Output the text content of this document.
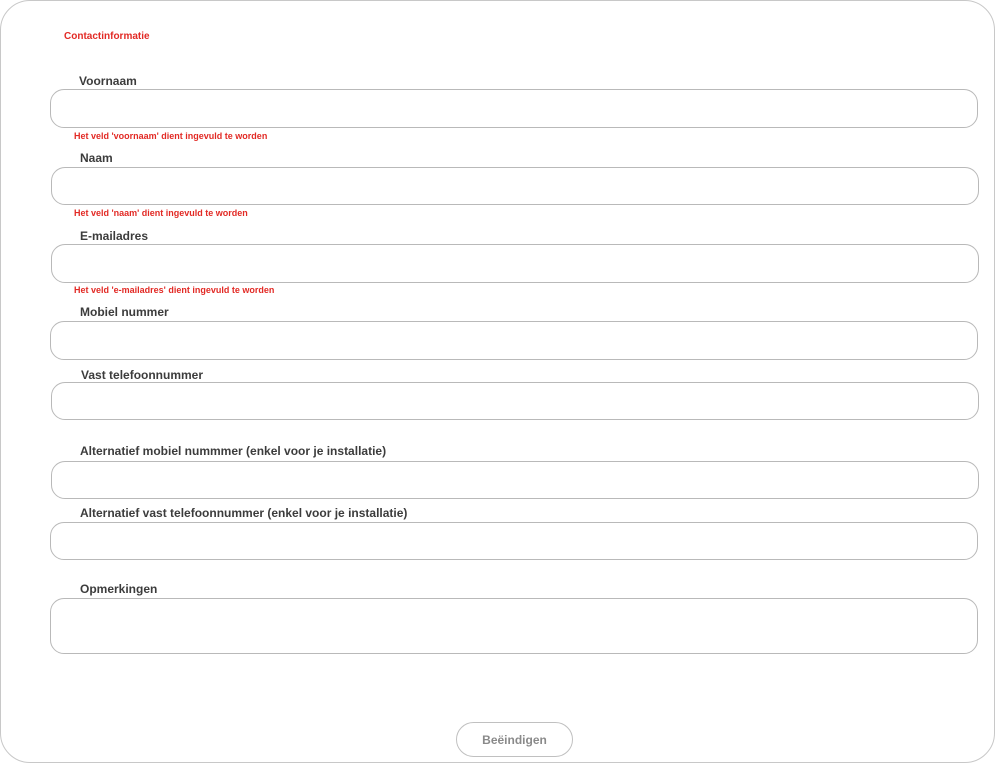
Contactinformatie
Voornaam
Het veld 'voornaam' dient ingevuld te worden
Naam
Het veld 'naam' dient ingevuld te worden
E-mailadres
Het veld 'e-mailadres' dient ingevuld te worden
Mobiel nummer
Vast telefoonnummer
Alternatief mobiel nummmer (enkel voor je installatie)
Alternatief vast telefoonnummer (enkel voor je installatie)
Opmerkingen
Beëindigen
